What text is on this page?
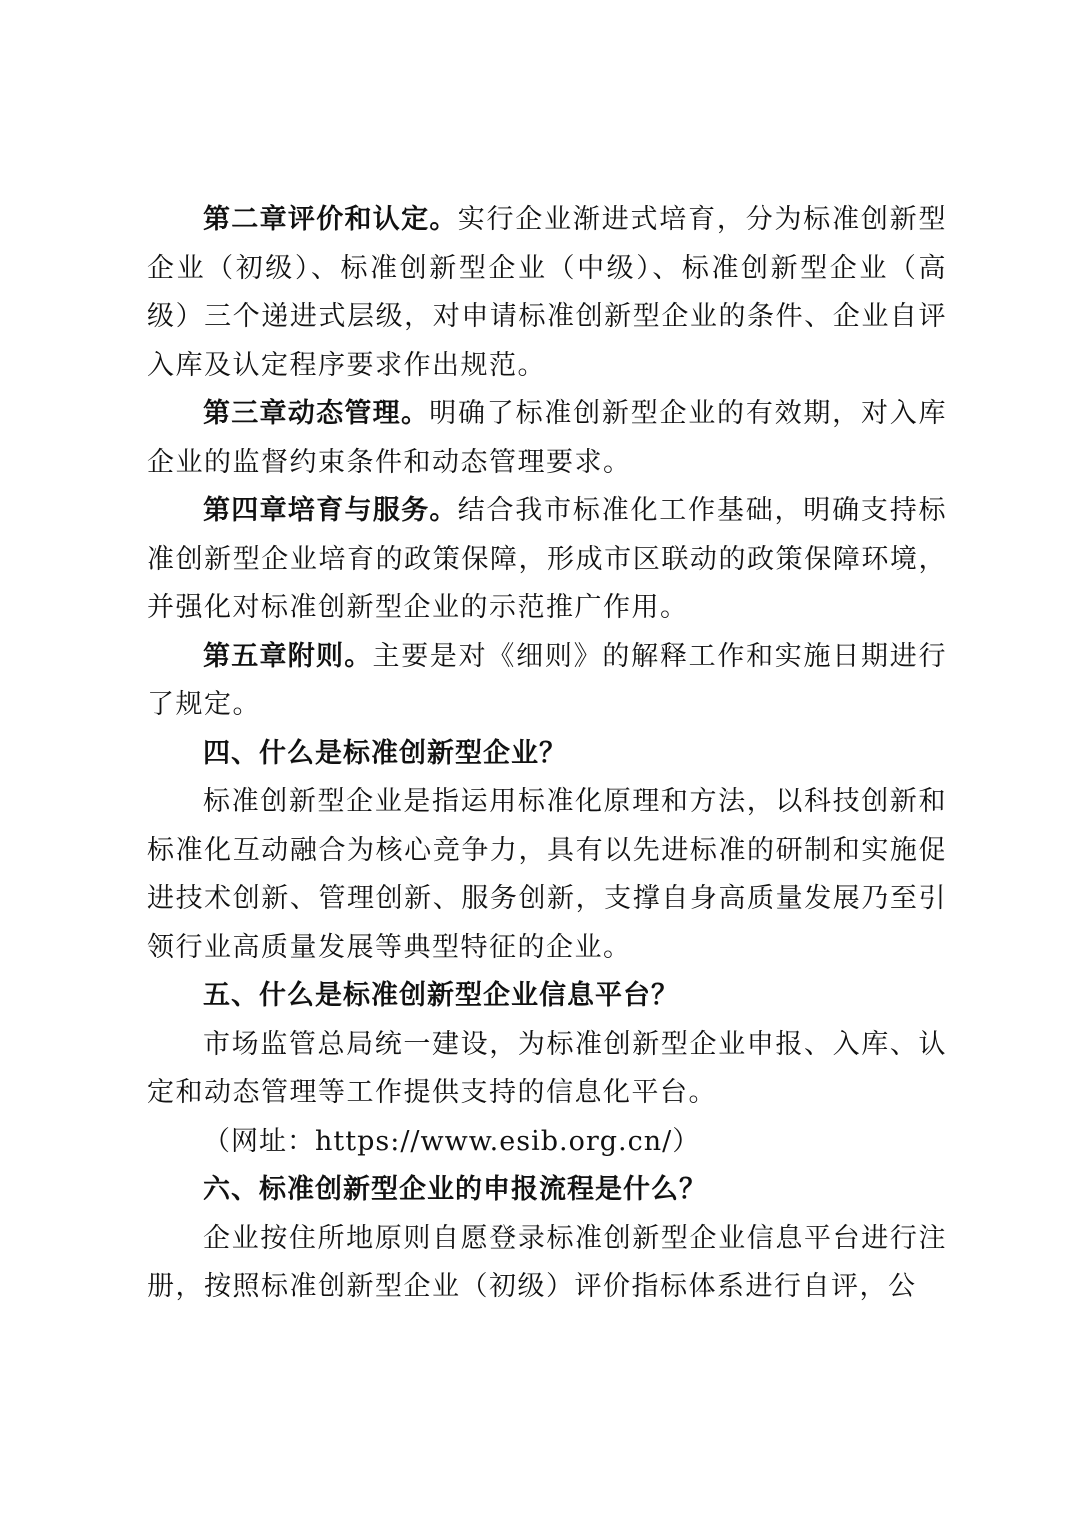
第二章评价和认定。实行企业渐进式培育，分为标准创新型企业（初级）、标准创新型企业（中级）、标准创新型企业（高级）三个递进式层级，对申请标准创新型企业的条件、企业自评入库及认定程序要求作出规范。

第三章动态管理。明确了标准创新型企业的有效期，对入库企业的监督约束条件和动态管理要求。

第四章培育与服务。结合我市标准化工作基础，明确支持标准创新型企业培育的政策保障，形成市区联动的政策保障环境，并强化对标准创新型企业的示范推广作用。

第五章附则。主要是对《细则》的解释工作和实施日期进行了规定。

四、什么是标准创新型企业？

标准创新型企业是指运用标准化原理和方法，以科技创新和标准化互动融合为核心竞争力，具有以先进标准的研制和实施促进技术创新、管理创新、服务创新，支撑自身高质量发展乃至引领行业高质量发展等典型特征的企业。

五、什么是标准创新型企业信息平台？

市场监管总局统一建设，为标准创新型企业申报、入库、认定和动态管理等工作提供支持的信息化平台。

（网址：https://www.esib.org.cn/）

六、标准创新型企业的申报流程是什么？

企业按住所地原则自愿登录标准创新型企业信息平台进行注册，按照标准创新型企业（初级）评价指标体系进行自评，公
